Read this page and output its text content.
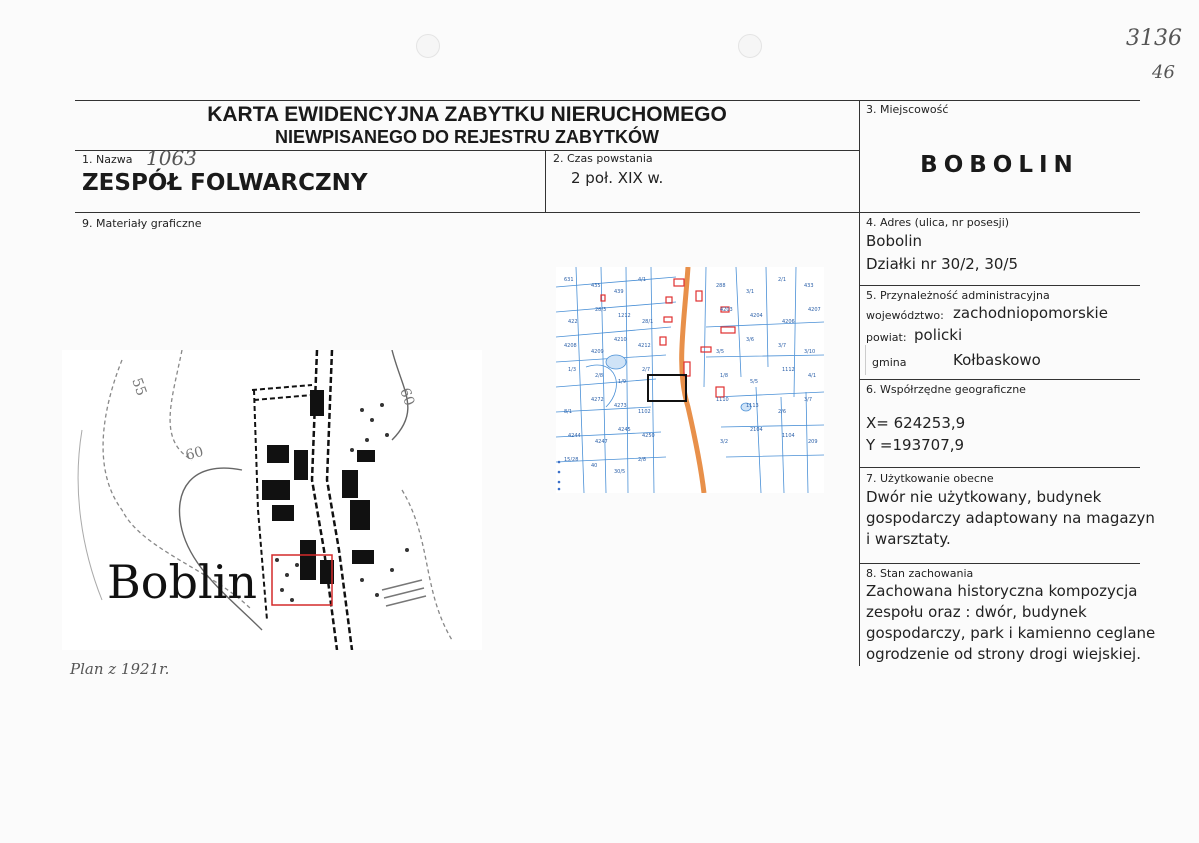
3136
46
KARTA EWIDENCYJNA ZABYTKU NIERUCHOMEGO
NIEWPISANEGO DO REJESTRU ZABYTKÓW
1. Nazwa 1063
ZESPÓŁ FOLWARCZNY
2. Czas powstania
2 poł. XIX w.
3. Miejscowość
BOBOLIN
9. Materiały graficzne	4. Adres (ulica, nr posesji)
Bobolin
Działki nr 30/2, 30/5
5. Przynależność administracyjna
województwo: zachodniopomorskie
powiat: policki
gmina	Kołbaskowo
6. Współrzędne geograficzne
X= 624253,9
Y =193707,9
7. Użytkowanie obecne
Dwór nie użytkowany, budynek
gospodarczy adaptowany na magazyn
i warsztaty.
8. Stan zachowania
Zachowana historyczna kompozycja
zespołu oraz : dwór, budynek
gospodarczy, park i kamienno ceglane
ogrodzenie od strony drogi wiejskiej.
55
60
60
Boblin
Plan z 1921r.
631
435
439
4/1
288
3/1
2/1
433
422
28/3
1212
28/1
4203
4204
4206
4207
4208
4209
4210
4212
3/5
3/6
3/7
3/10
1/3
2/8
1/9
2/7
1/8
5/5
1112
4/1
8/1
4272
4273
1102
1110
1113
2/6
3/7
4244
4247
4245
4250
3/2
2104
1104
209
15/28
40
30/5
2/8
